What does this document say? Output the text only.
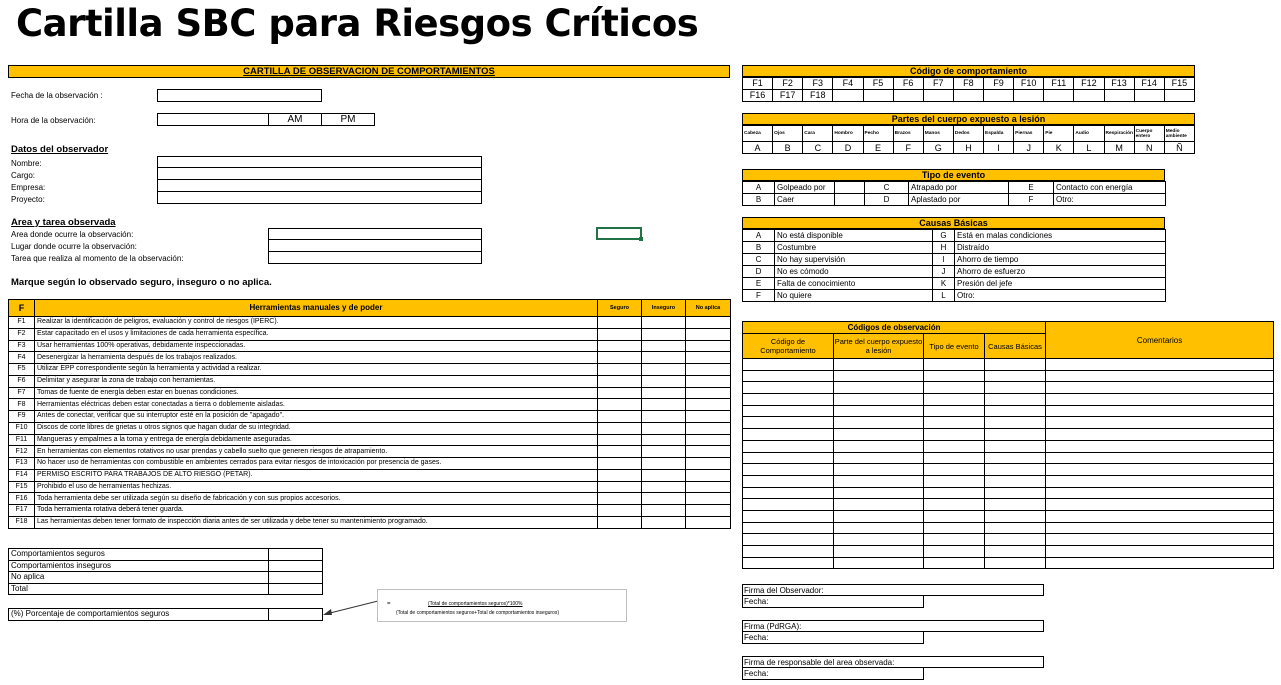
Cartilla SBC para Riesgos Críticos
CARTILLA DE OBSERVACION DE COMPORTAMIENTOS
Fecha de la observación :
Hora de la observación:	AM	PM
Datos del observador
Nombre:
Cargo:
Empresa:
Proyecto:
Area y tarea observada
Area donde ocurre la observación:
Lugar donde ocurre la observación:
Tarea que realiza al momento de la observación:
Marque según lo observado seguro, inseguro o no aplica.
F	Herramientas manuales y de poder	Seguro	Inseguro	No aplica
F1	Realizar la identificación de peligros, evaluación y control de riesgos (IPERC).			
F2	Estar capacitado en el usos y limitaciones de cada herramienta específica.			
F3	Usar herramientas 100% operativas, debidamente inspeccionadas.			
F4	Desenergizar la herramienta después de los trabajos realizados.			
F5	Utilizar EPP correspondiente según la herramienta y actividad a realizar.			
F6	Delimitar y asegurar la zona de trabajo con herramientas.			
F7	Tomas de fuente de energía deben estar en buenas condiciones.			
F8	Herramientas eléctricas deben estar conectadas a tierra o doblemente aisladas.			
F9	Antes de conectar, verificar que su interruptor esté en la posición de "apagado".			
F10	Discos de corte libres de grietas u otros signos que hagan dudar de su integridad.			
F11	Mangueras y empalmes a la toma y entrega de energía debidamente aseguradas.			
F12	En herramientas con elementos rotativos no usar prendas y cabello suelto que generen riesgos de atrapamiento.			
F13	No hacer uso de herramientas con combustible en ambientes cerrados para evitar riesgos de intoxicación por presencia de gases.			
F14	PERMISO ESCRITO PARA TRABAJOS DE ALTO RIESGO (PETAR).			
F15	Prohibido el uso de herramientas hechizas.			
F16	Toda herramienta debe ser utilizada según su diseño de fabricación y con sus propios accesorios.			
F17	Toda herramienta rotativa deberá tener guarda.			
F18	Las herramientas deben tener formato de inspección diaria antes de ser utilizada y debe tener su mantenimiento programado.			
Comportamientos seguros	
Comportamientos inseguros	
No aplica	
Total	
(%) Porcentaje de comportamientos seguros	
=	(Total de comportamientos seguros)*100%
(Total de comportamientos seguros+Total de comportamientos inseguros)
Código de comportamiento
F1	F2	F3	F4	F5	F6	F7	F8	F9	F10	F11	F12	F13	F14	F15
F16	F17	F18												
Partes del cuerpo expuesto a lesión
Cabeza	Ojos	Cara	Hombro	Pecho	Brazos	Manos	Dedos	Espalda	Piernas	Pie	Audio	Respiración	Cuerpo entero	Medio ambiente
A	B	C	D	E	F	G	H	I	J	K	L	M	N	Ñ
Tipo de evento
A	Golpeado por		C	Atrapado por	E	Contacto con energía
B	Caer		D	Aplastado por	F	Otro:
Causas Básicas
A	No está disponible	G	Está en malas condiciones
B	Costumbre	H	Distraído
C	No hay supervisión	I	Ahorro de tiempo
D	No es cómodo	J	Ahorro de esfuerzo
E	Falta de conocimiento	K	Presión del jefe
F	No quiere	L	Otro:
Códigos de observación				Comentarios
Código de Comportamiento	Parte del cuerpo expuesto a lesión	Tipo de evento	Causas Básicas	

Firma del Observador:
Fecha:
Firma (PdRGA):
Fecha:
Firma de responsable del area observada:
Fecha:
